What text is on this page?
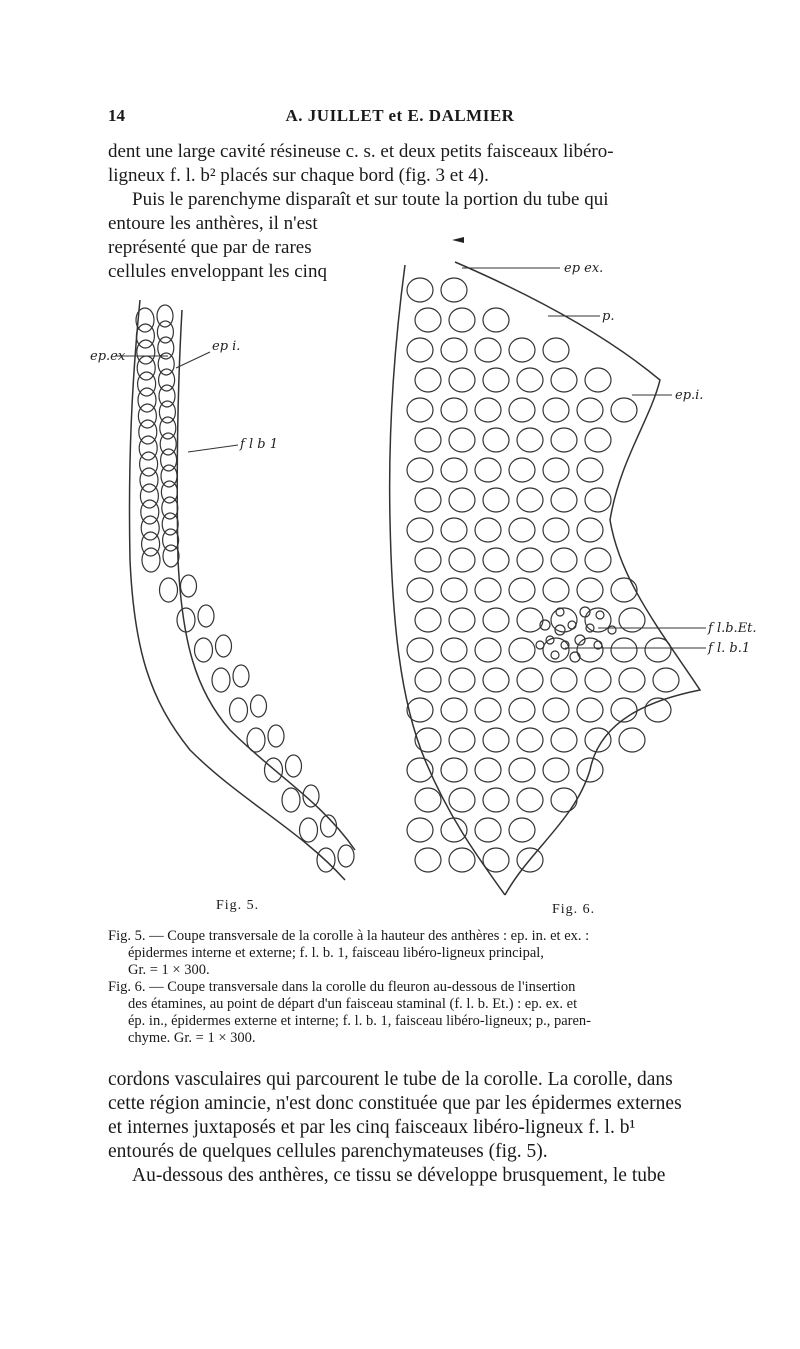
14	A. JUILLET et E. DALMIER
dent une large cavité résineuse c. s. et deux petits faisceaux libéro-
ligneux f. l. b² placés sur chaque bord (fig. 3 et 4).
Puis le parenchyme disparaît et sur toute la portion du tube qui
entoure les anthères, il n'est
représenté que par de rares
cellules enveloppant les cinq
ep.ex
ep i.
f l b 1
ep ex.
p.
ep.i.
f l.b.Et.
f l. b.1
Fig. 5.	Fig. 6.

Fig. 5. — Coupe transversale de la corolle à la hauteur des anthères : ep. in. et ex. :

épidermes interne et externe; f. l. b. 1, faisceau libéro-ligneux principal,

Gr. = 1 × 300.

Fig. 6. — Coupe transversale dans la corolle du fleuron au-dessous de l'insertion

des étamines, au point de départ d'un faisceau staminal (f. l. b. Et.) : ep. ex. et

ép. in., épidermes externe et interne; f. l. b. 1, faisceau libéro-ligneux; p., paren-

chyme. Gr. = 1 × 300.

cordons vasculaires qui parcourent le tube de la corolle. La corolle, dans
cette région amincie, n'est donc constituée que par les épidermes externes
et internes juxtaposés et par les cinq faisceaux libéro-ligneux f. l. b¹
entourés de quelques cellules parenchymateuses (fig. 5).
Au-dessous des anthères, ce tissu se développe brusquement, le tube
